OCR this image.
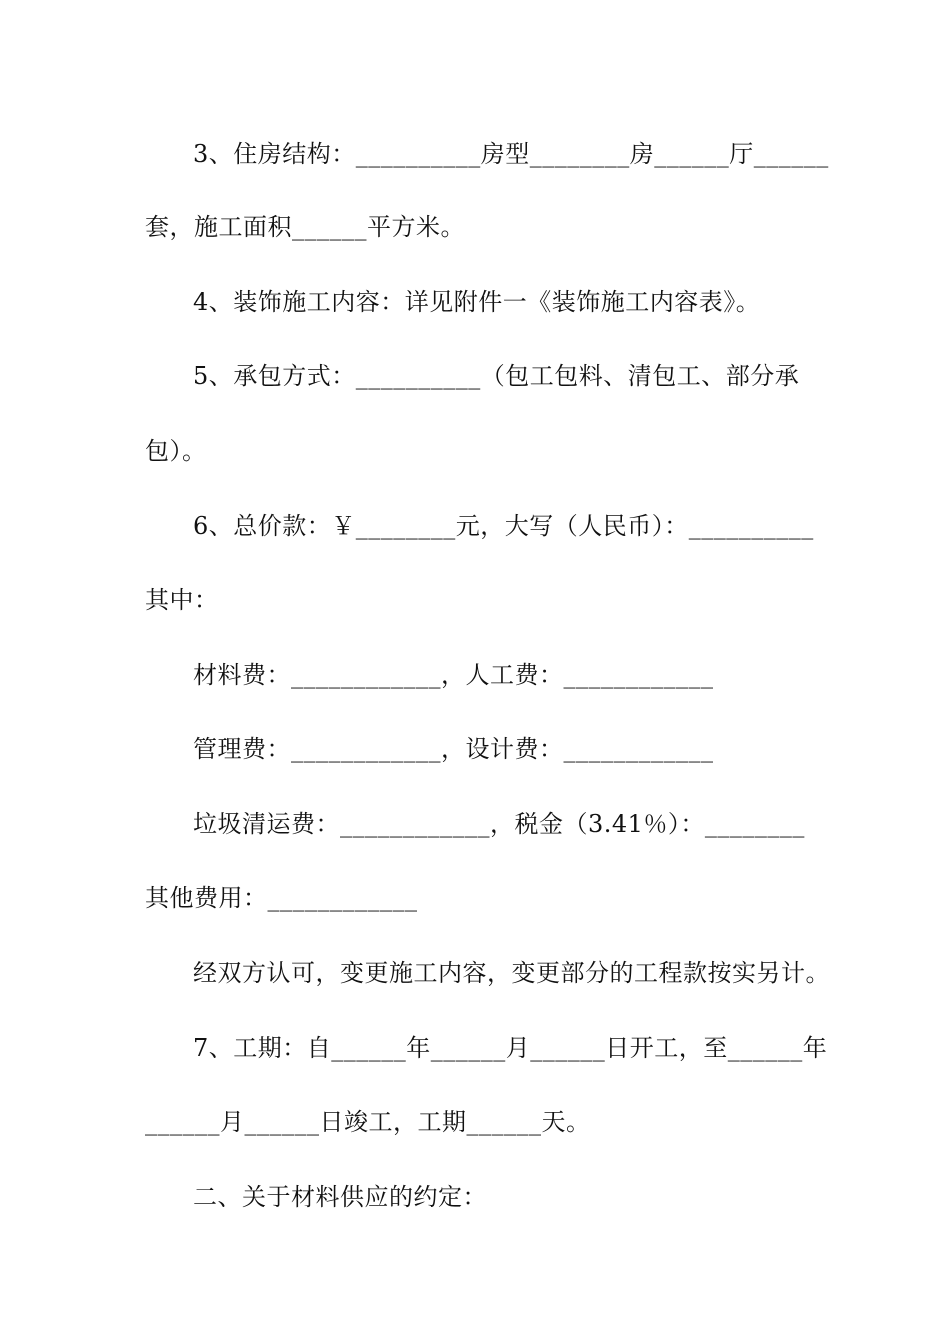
3、住房结构：__________房型________房______厅______
套，施工面积______平方米。
4、装饰施工内容：详见附件一《装饰施工内容表》。
5、承包方式：__________（包工包料、清包工、部分承
包）。
6、总价款：￥________元，大写（人民币）：__________
其中：
材料费：____________，人工费：____________
管理费：____________，设计费：____________
垃圾清运费：____________，税金（3.41％）：________
其他费用：____________
经双方认可，变更施工内容，变更部分的工程款按实另计。
7、工期：自______年______月______日开工，至______年
______月______日竣工，工期______天。
二、关于材料供应的约定：
